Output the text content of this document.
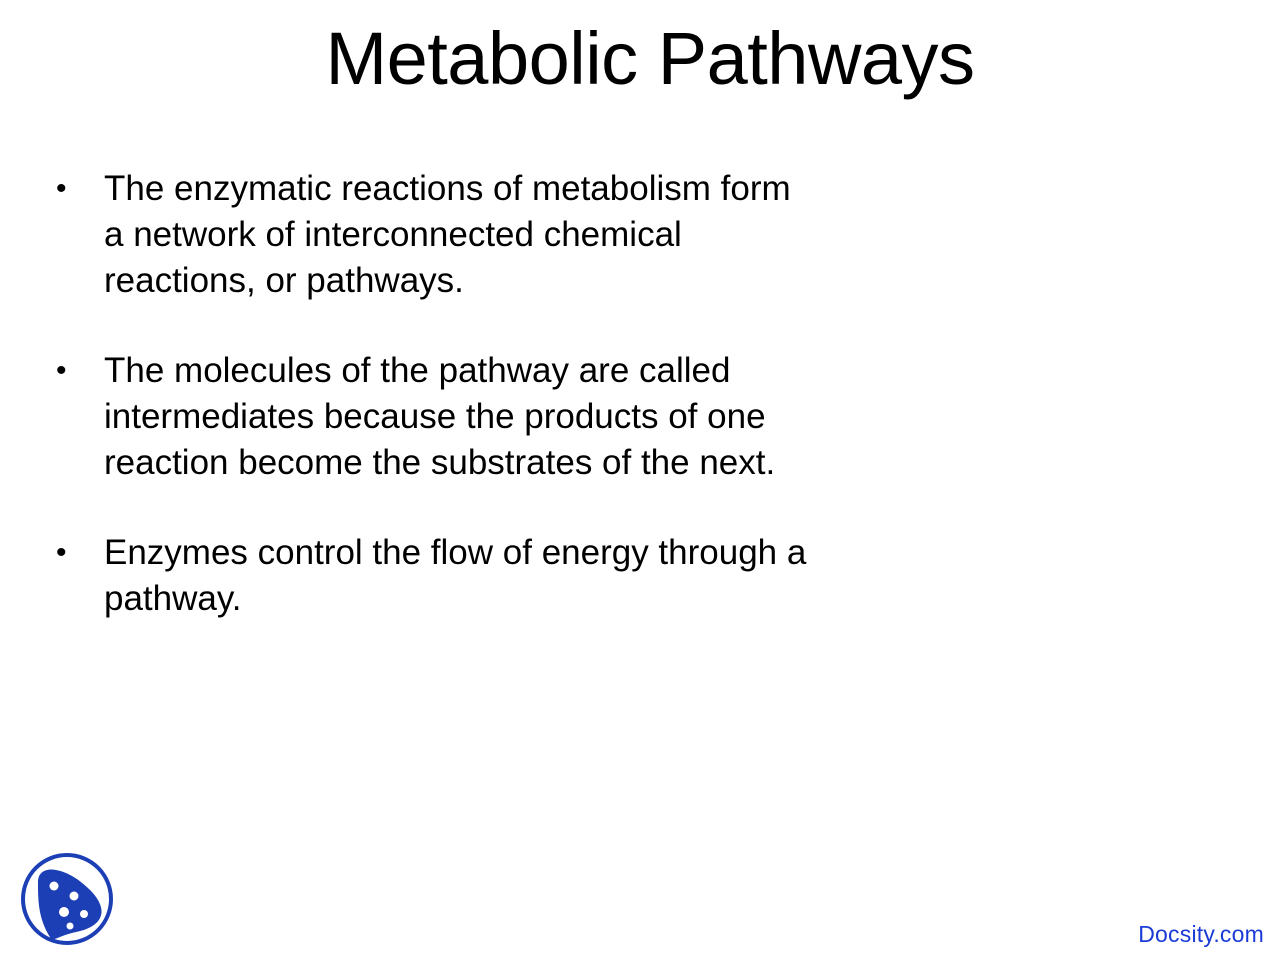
Metabolic Pathways
• The enzymatic reactions of metabolism form a network of interconnected chemical reactions, or pathways.
• The molecules of the pathway are called intermediates because the products of one reaction become the substrates of the next.
• Enzymes control the flow of energy through a pathway.
Docsity.com
